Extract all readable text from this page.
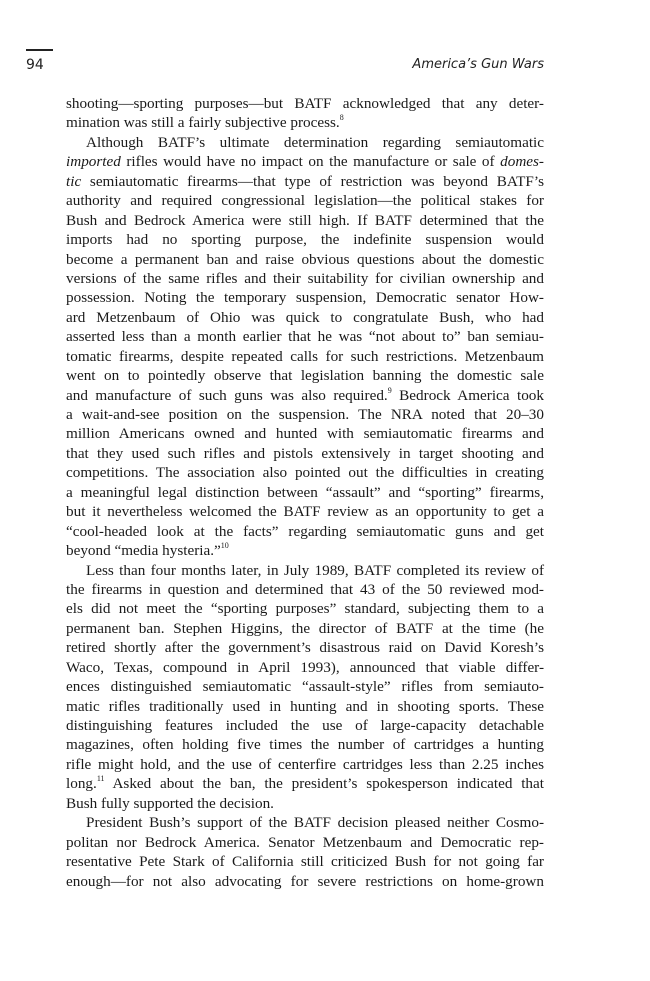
94	America’s Gun Wars
shooting—sporting purposes—but BATF acknowledged that any deter-
mination was still a fairly subjective process.$^8$
Although BATF’s ultimate determination regarding semiautomatic
imported rifles would have no impact on the manufacture or sale of domes-
tic semiautomatic firearms—that type of restriction was beyond BATF’s
authority and required congressional legislation—the political stakes for
Bush and Bedrock America were still high. If BATF determined that the
imports had no sporting purpose, the indefinite suspension would
become a permanent ban and raise obvious questions about the domestic
versions of the same rifles and their suitability for civilian ownership and
possession. Noting the temporary suspension, Democratic senator How-
ard Metzenbaum of Ohio was quick to congratulate Bush, who had
asserted less than a month earlier that he was “not about to” ban semiau-
tomatic firearms, despite repeated calls for such restrictions. Metzenbaum
went on to pointedly observe that legislation banning the domestic sale
and manufacture of such guns was also required.$^9$ Bedrock America took
a wait-and-see position on the suspension. The NRA noted that 20–30
million Americans owned and hunted with semiautomatic firearms and
that they used such rifles and pistols extensively in target shooting and
competitions. The association also pointed out the difficulties in creating
a meaningful legal distinction between “assault” and “sporting” firearms,
but it nevertheless welcomed the BATF review as an opportunity to get a
“cool-headed look at the facts” regarding semiautomatic guns and get
beyond “media hysteria.”$^{10}$
Less than four months later, in July 1989, BATF completed its review of
the firearms in question and determined that 43 of the 50 reviewed mod-
els did not meet the “sporting purposes” standard, subjecting them to a
permanent ban. Stephen Higgins, the director of BATF at the time (he
retired shortly after the government’s disastrous raid on David Koresh’s
Waco, Texas, compound in April 1993), announced that viable differ-
ences distinguished semiautomatic “assault-style” rifles from semiauto-
matic rifles traditionally used in hunting and in shooting sports. These
distinguishing features included the use of large-capacity detachable
magazines, often holding five times the number of cartridges a hunting
rifle might hold, and the use of centerfire cartridges less than 2.25 inches
long.$^{11}$ Asked about the ban, the president’s spokesperson indicated that
Bush fully supported the decision.
President Bush’s support of the BATF decision pleased neither Cosmo-
politan nor Bedrock America. Senator Metzenbaum and Democratic rep-
resentative Pete Stark of California still criticized Bush for not going far
enough—for not also advocating for severe restrictions on home-grown
